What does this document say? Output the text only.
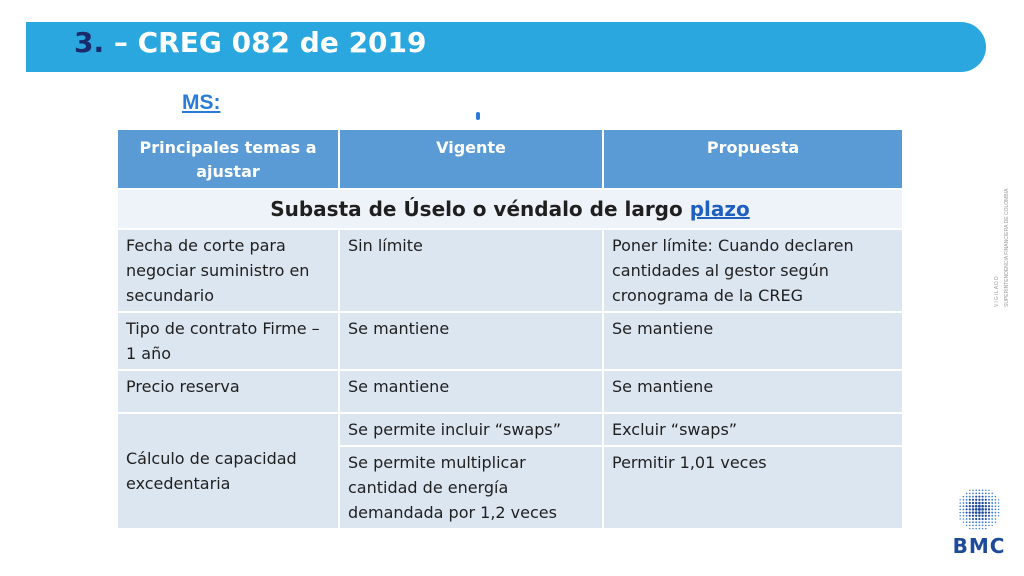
3. – CREG 082 de 2019
MS:
Principales temas a ajustar	Vigente	Propuesta
Subasta de Úselo o véndalo de largo plazo		
Fecha de corte para negociar suministro en secundario	Sin límite	Poner límite: Cuando declaren cantidades al gestor según cronograma de la CREG
Tipo de contrato Firme – 1 año	Se mantiene	Se mantiene
Precio reserva	Se mantiene	Se mantiene
Cálculo de capacidad excedentaria	Se permite incluir “swaps”	Excluir “swaps”
	Se permite multiplicar cantidad de energía demandada por 1,2 veces	Permitir 1,01 veces
VIGILADO SUPERINTENDENCIA FINANCIERA DE COLOMBIA
BMC
